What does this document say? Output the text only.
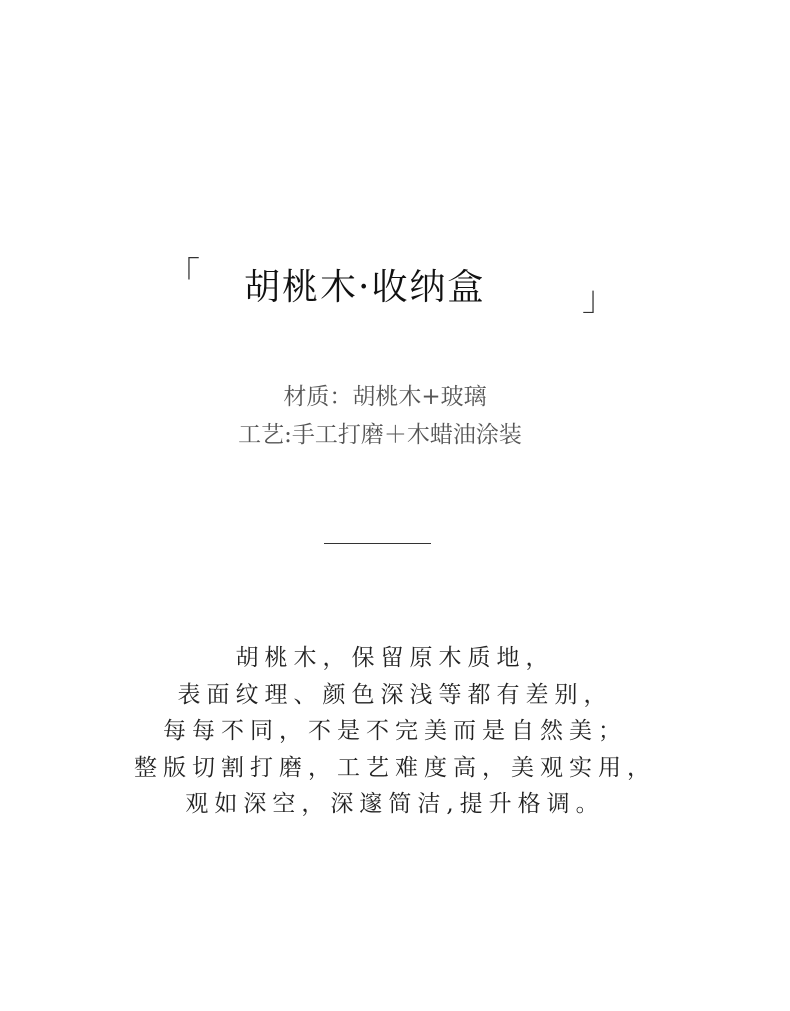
「 胡桃木·收纳盒	」
材质：胡桃木+玻璃
工艺:手工打磨＋木蜡油涂装
胡桃木，保留原木质地，
表面纹理、颜色深浅等都有差别，
每每不同，不是不完美而是自然美；
整版切割打磨，工艺难度高，美观实用，
观如深空，深邃简洁,提升格调。
